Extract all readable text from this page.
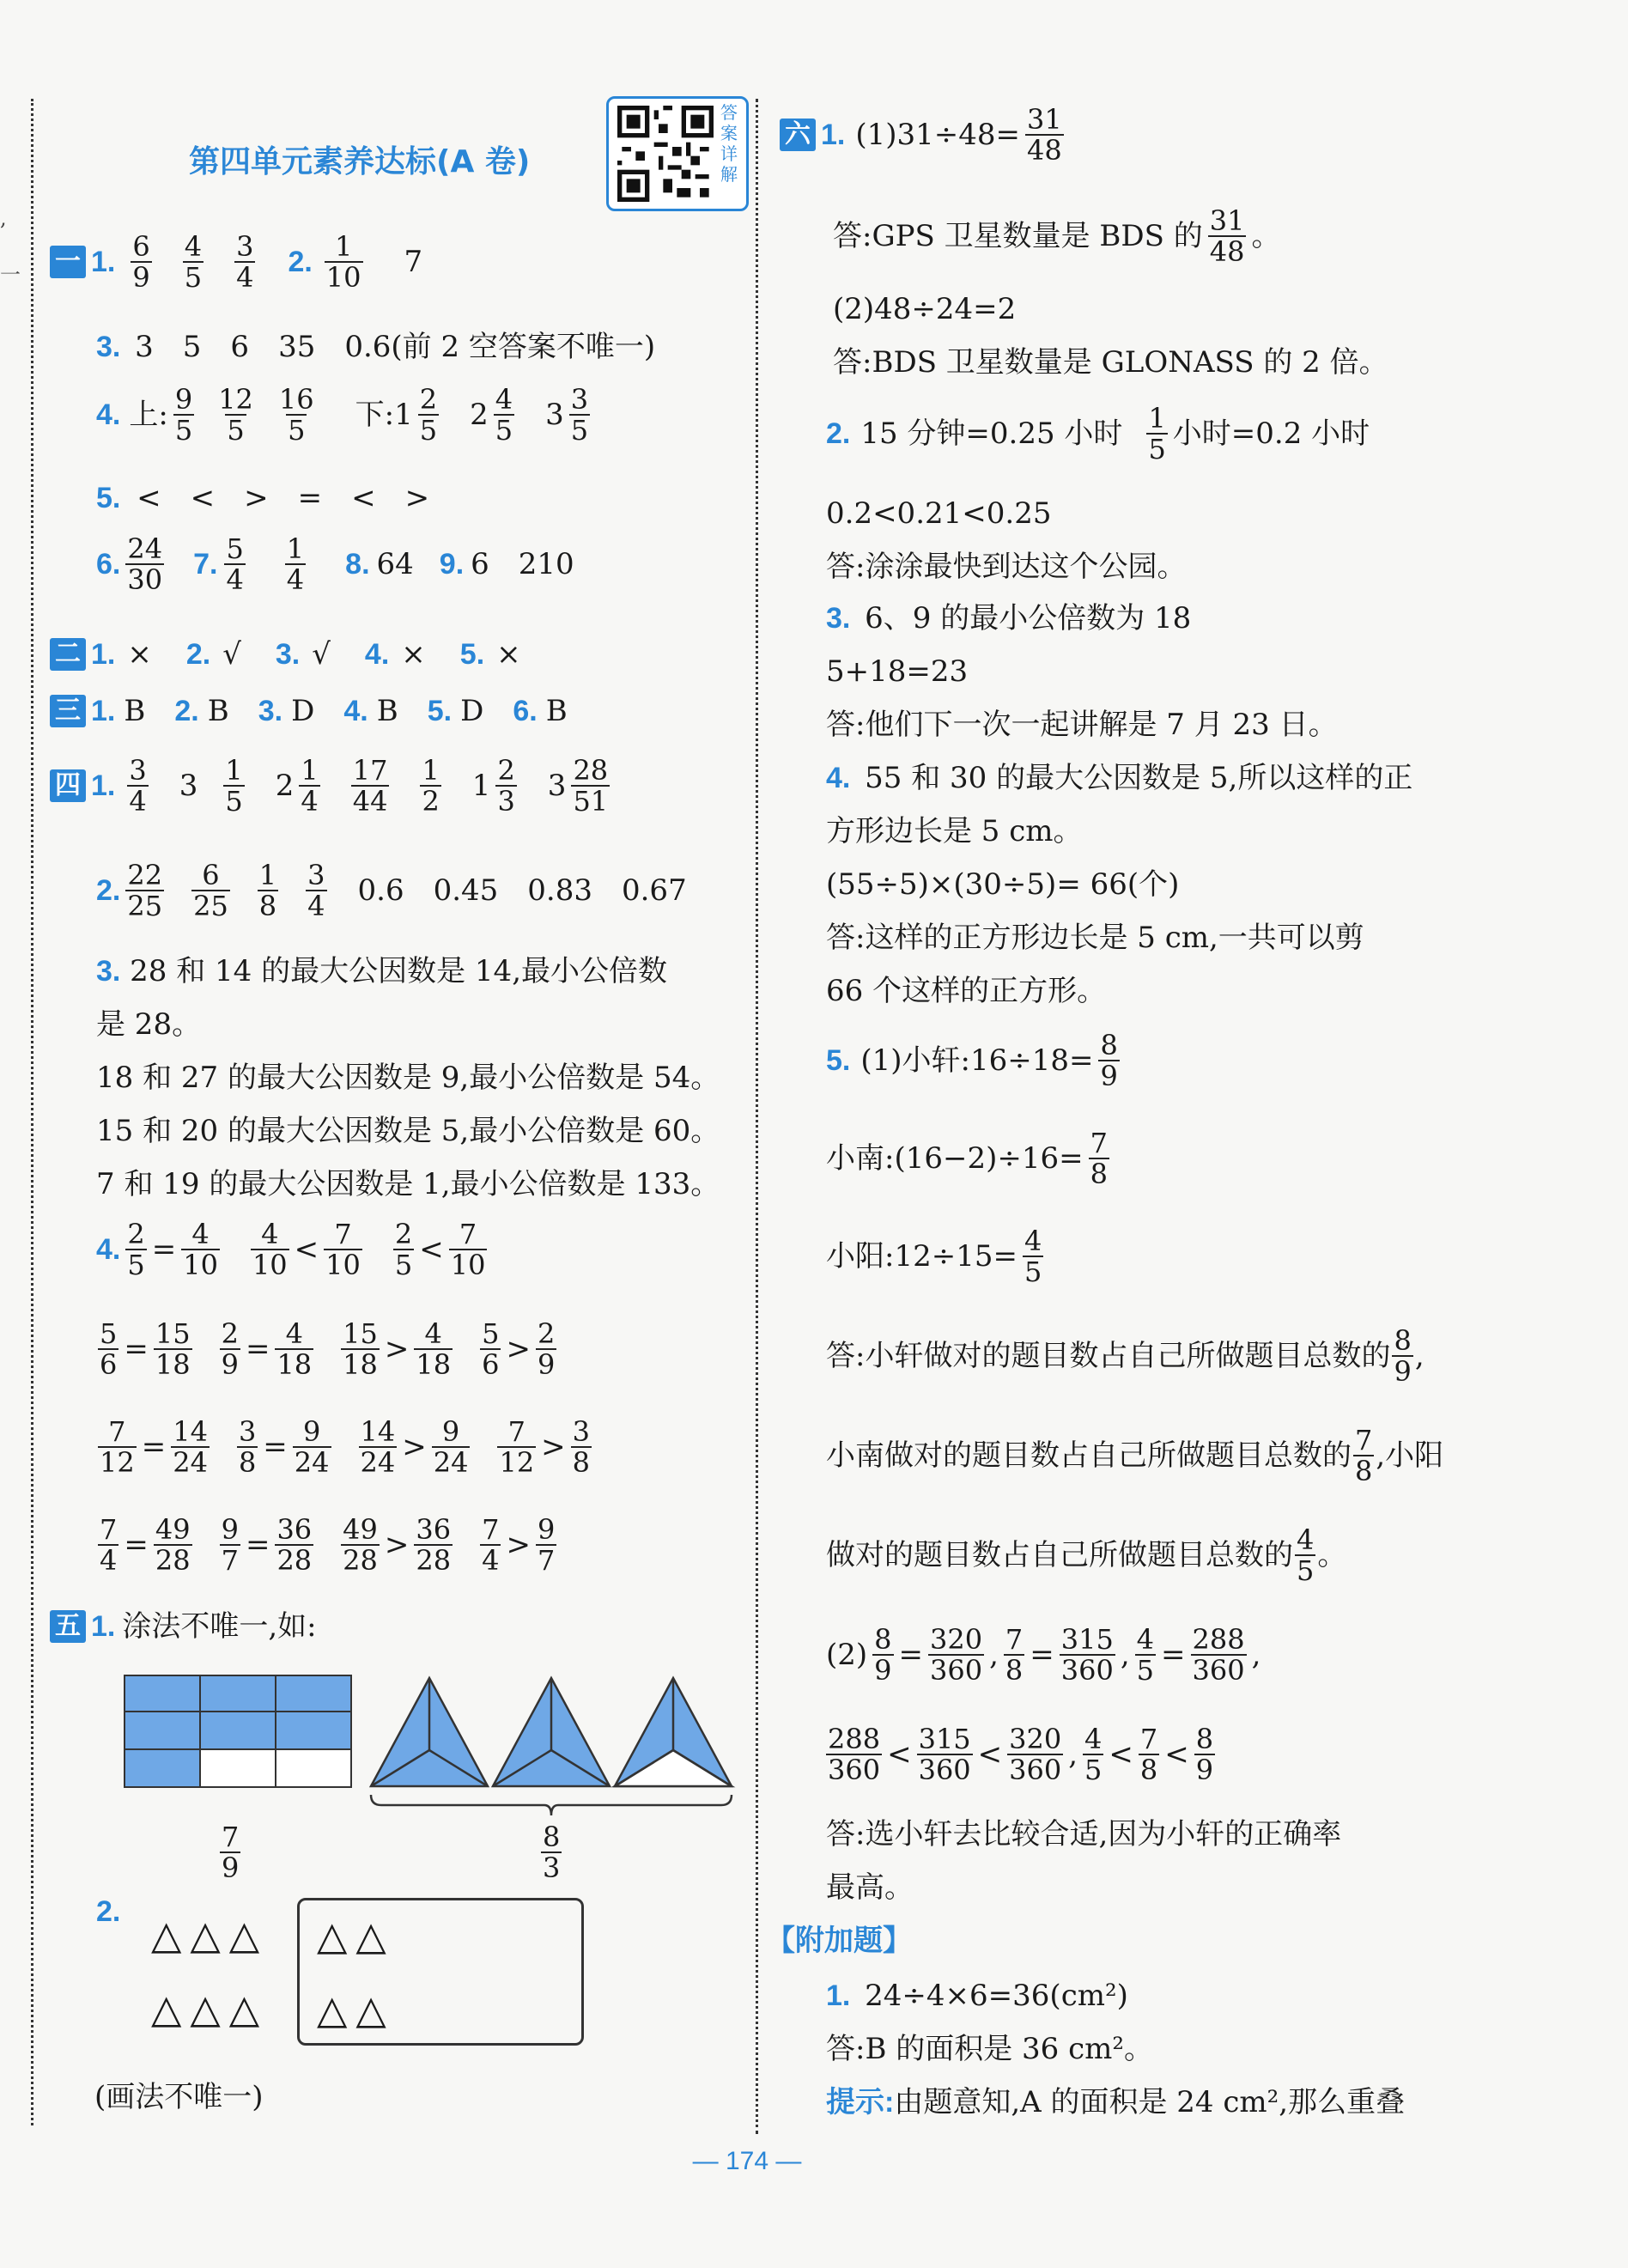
,
一
第四单元素养达标(A 卷)
答案详解
一 1. $\frac{6}{9} \frac{4}{5} \frac{3}{4} 2$. $\frac{1}{10} 7$
3. 3　5　6　35　0.6(前 2 空答案不唯一)
4. 上: $\frac{9}{5} \frac{12}{5} \frac{16}{5}$ 下: $1 \frac{2}{5} 2 \frac{4}{5} 3 \frac{3}{5}$
5. <　<　>　=　<　>
6. $\frac{24}{30} 7$. $\frac{5}{4} \frac{1}{4} 8$. 64 9. 6　210
二 1. × 2. √ 3. √ 4. × 5. ×
三 1. B 2. B 3. D 4. B 5. D 6. B
四 1. $\frac{3}{4} 3 \frac{1}{5} 2 \frac{1}{4} \frac{17}{44} \frac{1}{2} 1 \frac{2}{3} 3 \frac{28}{51}$
2. $\frac{22}{25} \frac{6}{25} \frac{1}{8} \frac{3}{4} 0.6$　0.45　0.83　0.67
3. 28 和 14 的最大公因数是 14,最小公倍数
是 28。
18 和 27 的最大公因数是 9,最小公倍数是 54。
15 和 20 的最大公因数是 5,最小公倍数是 60。
7 和 19 的最大公因数是 1,最小公倍数是 133。
4. $\frac{2}{5} = \frac{4}{10} \frac{4}{10} < \frac{7}{10} \frac{2}{5} < \frac{7}{10}$
$\frac{5}{6} = \frac{15}{18} \frac{2}{9} = \frac{4}{18} \frac{15}{18} > \frac{4}{18} \frac{5}{6} > \frac{2}{9}$
$\frac{7}{12} = \frac{14}{24} \frac{3}{8} = \frac{9}{24} \frac{14}{24} > \frac{9}{24} \frac{7}{12} > \frac{3}{8}$
$\frac{7}{4} = \frac{49}{28} \frac{9}{7} = \frac{36}{28} \frac{49}{28} > \frac{36}{28} \frac{7}{4} > \frac{9}{7}$
五 1. 涂法不唯一,如:
$\frac{7}{9}$	$\frac{8}{3}$
2. △ △ △
△ △ △
△ △
△ △
(画法不唯一)
六 1. $(1)31\div 48= \frac{31}{48}$
答:GPS 卫星数量是 BDS 的 $\frac{31}{48}$ 。
(2)48÷24=2
答:BDS 卫星数量是 GLONASS 的 2 倍。
2. 15 分钟=0.25 小时 $\frac{1}{5}$ 小时=0.2 小时
0.2<0.21<0.25
答:涂涂最快到达这个公园。
3. 6、9 的最小公倍数为 18
5+18=23
答:他们下一次一起讲解是 7 月 23 日。
4. 55 和 30 的最大公因数是 5,所以这样的正
方形边长是 5 cm。
(55÷5)×(30÷5)= 66(个)
答:这样的正方形边长是 5 cm,一共可以剪
66 个这样的正方形。
5. (1)小轩:16÷18= $\frac{8}{9}$
小南:(16−2)÷16= $\frac{7}{8}$
小阳:12÷15= $\frac{4}{5}$
答:小轩做对的题目数占自己所做题目总数的 $\frac{8}{9}$ ,
小南做对的题目数占自己所做题目总数的 $\frac{7}{8}$ ,小阳
做对的题目数占自己所做题目总数的 $\frac{4}{5}$ 。
$(2) \frac{8}{9} = \frac{320}{360}$ , $\frac{7}{8} = \frac{315}{360}$ , $\frac{4}{5} = \frac{288}{360}$ ,
$\frac{288}{360} < \frac{315}{360} < \frac{320}{360}$ , $\frac{4}{5} < \frac{7}{8} < \frac{8}{9}$
答:选小轩去比较合适,因为小轩的正确率
最高。
【附加题】
1. 24÷4×6=36(cm²)
答:B 的面积是 36 cm²。
提示:由题意知,A 的面积是 24 cm²,那么重叠
— 174 —
